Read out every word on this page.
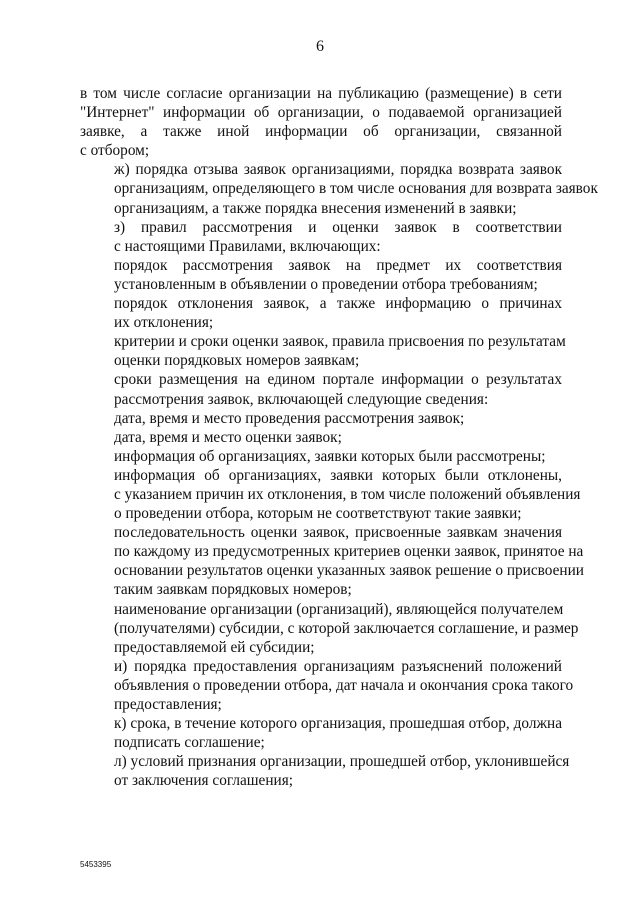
6
в том числе согласие организации на публикацию (размещение) в сети
"Интернет" информации об организации, о подаваемой организацией
заявке, а также иной информации об организации, связанной
с отбором;
ж) порядка отзыва заявок организациями, порядка возврата заявок
организациям, определяющего в том числе основания для возврата заявок
организациям, а также порядка внесения изменений в заявки;
з) правил рассмотрения и оценки заявок в соответствии
с настоящими Правилами, включающих:
порядок рассмотрения заявок на предмет их соответствия
установленным в объявлении о проведении отбора требованиям;
порядок отклонения заявок, а также информацию о причинах
их отклонения;
критерии и сроки оценки заявок, правила присвоения по результатам
оценки порядковых номеров заявкам;
сроки размещения на едином портале информации о результатах
рассмотрения заявок, включающей следующие сведения:
дата, время и место проведения рассмотрения заявок;
дата, время и место оценки заявок;
информация об организациях, заявки которых были рассмотрены;
информация об организациях, заявки которых были отклонены,
с указанием причин их отклонения, в том числе положений объявления
о проведении отбора, которым не соответствуют такие заявки;
последовательность оценки заявок, присвоенные заявкам значения
по каждому из предусмотренных критериев оценки заявок, принятое на
основании результатов оценки указанных заявок решение о присвоении
таким заявкам порядковых номеров;
наименование организации (организаций), являющейся получателем
(получателями) субсидии, с которой заключается соглашение, и размер
предоставляемой ей субсидии;
и) порядка предоставления организациям разъяснений положений
объявления о проведении отбора, дат начала и окончания срока такого
предоставления;
к) срока, в течение которого организация, прошедшая отбор, должна
подписать соглашение;
л) условий признания организации, прошедшей отбор, уклонившейся
от заключения соглашения;
5453395
